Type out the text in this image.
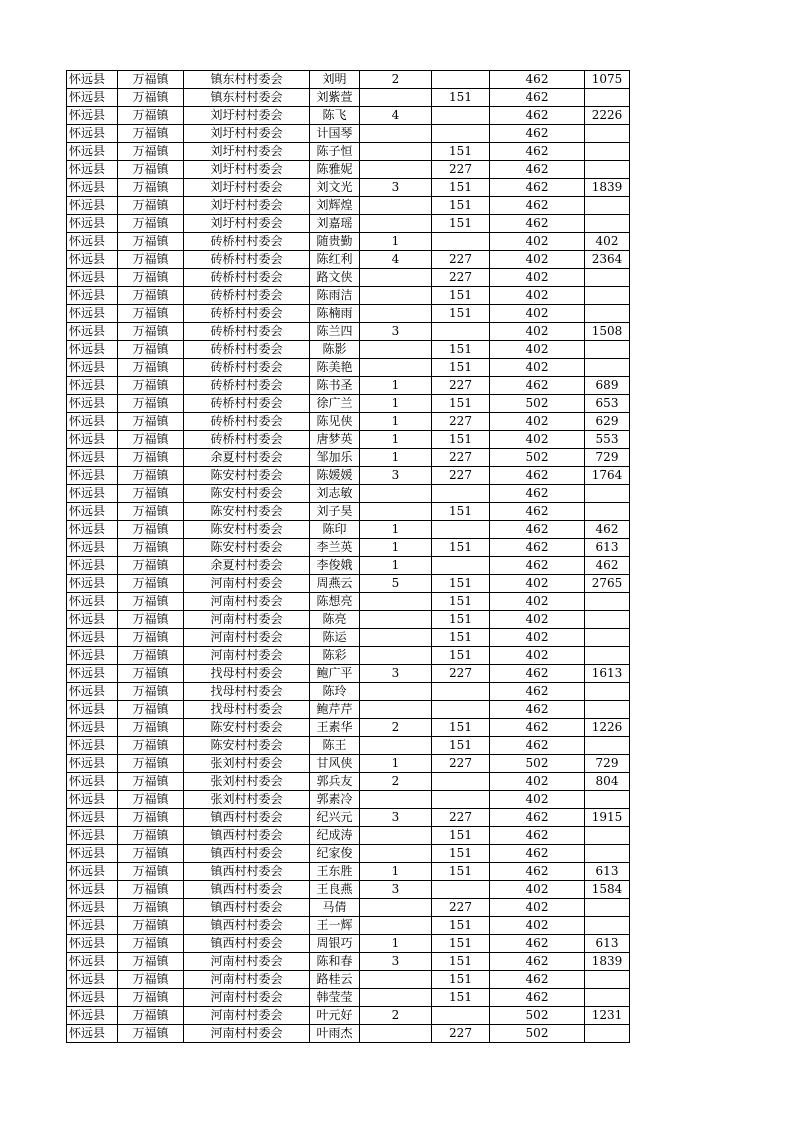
怀远县	万福镇	镇东村村委会	刘明	2		462	1075
怀远县	万福镇	镇东村村委会	刘紫萱		151	462	
怀远县	万福镇	刘圩村村委会	陈飞	4		462	2226
怀远县	万福镇	刘圩村村委会	计国琴			462	
怀远县	万福镇	刘圩村村委会	陈子恒		151	462	
怀远县	万福镇	刘圩村村委会	陈雅妮		227	462	
怀远县	万福镇	刘圩村村委会	刘文光	3	151	462	1839
怀远县	万福镇	刘圩村村委会	刘辉煌		151	462	
怀远县	万福镇	刘圩村村委会	刘嘉瑶		151	462	
怀远县	万福镇	砖桥村村委会	随贵勤	1		402	402
怀远县	万福镇	砖桥村村委会	陈红利	4	227	402	2364
怀远县	万福镇	砖桥村村委会	路文侠		227	402	
怀远县	万福镇	砖桥村村委会	陈雨洁		151	402	
怀远县	万福镇	砖桥村村委会	陈楠雨		151	402	
怀远县	万福镇	砖桥村村委会	陈兰四	3		402	1508
怀远县	万福镇	砖桥村村委会	陈影		151	402	
怀远县	万福镇	砖桥村村委会	陈美艳		151	402	
怀远县	万福镇	砖桥村村委会	陈书圣	1	227	462	689
怀远县	万福镇	砖桥村村委会	徐广兰	1	151	502	653
怀远县	万福镇	砖桥村村委会	陈见侠	1	227	402	629
怀远县	万福镇	砖桥村村委会	唐梦英	1	151	402	553
怀远县	万福镇	余夏村村委会	邹加乐	1	227	502	729
怀远县	万福镇	陈安村村委会	陈媛媛	3	227	462	1764
怀远县	万福镇	陈安村村委会	刘志敏			462	
怀远县	万福镇	陈安村村委会	刘子昊		151	462	
怀远县	万福镇	陈安村村委会	陈印	1		462	462
怀远县	万福镇	陈安村村委会	李兰英	1	151	462	613
怀远县	万福镇	余夏村村委会	李俊娥	1		462	462
怀远县	万福镇	河南村村委会	周燕云	5	151	402	2765
怀远县	万福镇	河南村村委会	陈想亮		151	402	
怀远县	万福镇	河南村村委会	陈亮		151	402	
怀远县	万福镇	河南村村委会	陈运		151	402	
怀远县	万福镇	河南村村委会	陈彩		151	402	
怀远县	万福镇	找母村村委会	鲍广平	3	227	462	1613
怀远县	万福镇	找母村村委会	陈玲			462	
怀远县	万福镇	找母村村委会	鲍芹芹			462	
怀远县	万福镇	陈安村村委会	王素华	2	151	462	1226
怀远县	万福镇	陈安村村委会	陈王		151	462	
怀远县	万福镇	张刘村村委会	甘风侠	1	227	502	729
怀远县	万福镇	张刘村村委会	郭兵友	2		402	804
怀远县	万福镇	张刘村村委会	郭素冷			402	
怀远县	万福镇	镇西村村委会	纪兴元	3	227	462	1915
怀远县	万福镇	镇西村村委会	纪成涛		151	462	
怀远县	万福镇	镇西村村委会	纪家俊		151	462	
怀远县	万福镇	镇西村村委会	王东胜	1	151	462	613
怀远县	万福镇	镇西村村委会	王良燕	3		402	1584
怀远县	万福镇	镇西村村委会	马倩		227	402	
怀远县	万福镇	镇西村村委会	王一辉		151	402	
怀远县	万福镇	镇西村村委会	周银巧	1	151	462	613
怀远县	万福镇	河南村村委会	陈和春	3	151	462	1839
怀远县	万福镇	河南村村委会	路桂云		151	462	
怀远县	万福镇	河南村村委会	韩莹莹		151	462	
怀远县	万福镇	河南村村委会	叶元好	2		502	1231
怀远县	万福镇	河南村村委会	叶雨杰		227	502	
